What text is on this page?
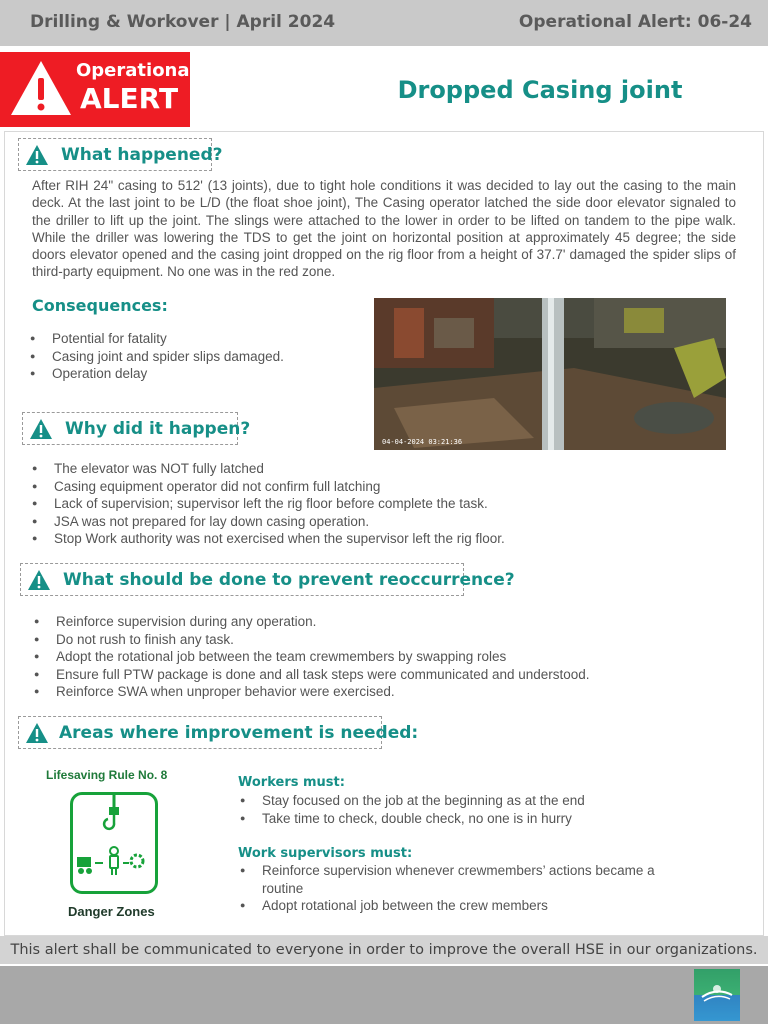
Drilling & Workover | April 2024	Operational Alert: 06-24
Operational
ALERT	Dropped Casing joint
What happened?

After RIH 24" casing to 512' (13 joints), due to tight hole conditions it was decided to lay out the casing to the main deck. At the last joint to be L/D (the float shoe joint), The Casing operator latched the side door elevator signaled to the driller to lift up the joint. The slings were attached to the lower in order to be lifted on tandem to the pipe walk. While the driller was lowering the TDS to get the joint on horizontal position at approximately 45 degree; the side doors elevator opened and the casing joint dropped on the rig floor from a height of 37.7' damaged the spider slips of third-party equipment. No one was in the red zone.

Consequences:
● Potential for fatality
● Casing joint and spider slips damaged.
● Operation delay
04-04-2024 03:21:36
Why did it happen?
● The elevator was NOT fully latched
● Casing equipment operator did not confirm full latching
● Lack of supervision; supervisor left the rig floor before complete the task.
● JSA was not prepared for lay down casing operation.
● Stop Work authority was not exercised when the supervisor left the rig floor.
What should be done to prevent reoccurrence?
● Reinforce supervision during any operation.
● Do not rush to finish any task.
● Adopt the rotational job between the team crewmembers by swapping roles
● Ensure full PTW package is done and all task steps were communicated and understood.
● Reinforce SWA when unproper behavior were exercised.
Areas where improvement is needed:
Lifesaving Rule No. 8
Danger Zones
Workers must:
● Stay focused on the job at the beginning as at the end
● Take time to check, double check, no one is in hurry
Work supervisors must:
● Reinforce supervision whenever crewmembers’ actions became a routine
● Adopt rotational job between the crew members
This alert shall be communicated to everyone in order to improve the overall HSE in our organizations.
